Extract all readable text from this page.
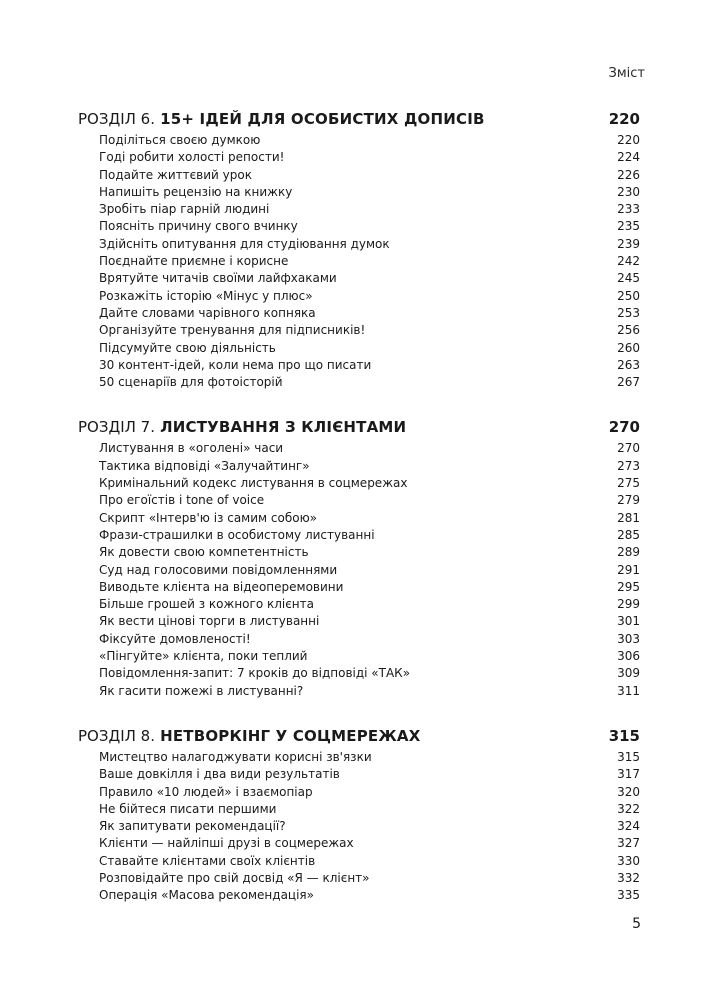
Зміст
РОЗДІЛ 6. 15+ ІДЕЙ ДЛЯ ОСОБИСТИХ ДОПИСІВ	220
Поділіться своєю думкою	220
Годі робити холості репости!	224
Подайте життєвий урок	226
Напишіть рецензію на книжку	230
Зробіть піар гарній людині	233
Поясніть причину свого вчинку	235
Здійсніть опитування для студіювання думок	239
Поєднайте приємне і корисне	242
Врятуйте читачів своїми лайфхаками	245
Розкажіть історію «Мінус у плюс»	250
Дайте словами чарівного копняка	253
Організуйте тренування для підписників!	256
Підсумуйте свою діяльність	260
30 контент-ідей, коли нема про що писати	263
50 сценаріїв для фотоісторій	267
РОЗДІЛ 7. ЛИСТУВАННЯ З КЛІЄНТАМИ	270
Листування в «оголені» часи	270
Тактика відповіді «Залучайтинг»	273
Кримінальний кодекс листування в соцмережах	275
Про егоїстів і tone of voice	279
Скрипт «Інтерв'ю із самим собою»	281
Фрази-страшилки в особистому листуванні	285
Як довести свою компетентність	289
Суд над голосовими повідомленнями	291
Виводьте клієнта на відеоперемовини	295
Більше грошей з кожного клієнта	299
Як вести цінові торги в листуванні	301
Фіксуйте домовленості!	303
«Пінгуйте» клієнта, поки теплий	306
Повідомлення-запит: 7 кроків до відповіді «ТАК»	309
Як гасити пожежі в листуванні?	311
РОЗДІЛ 8. НЕТВОРКІНГ У СОЦМЕРЕЖАХ	315
Мистецтво налагоджувати корисні зв'язки	315
Ваше довкілля і два види результатів	317
Правило «10 людей» і взаємопіар	320
Не бійтеся писати першими	322
Як запитувати рекомендації?	324
Клієнти — найліпші друзі в соцмережах	327
Ставайте клієнтами своїх клієнтів	330
Розповідайте про свій досвід «Я — клієнт»	332
Операція «Масова рекомендація»	335
5
